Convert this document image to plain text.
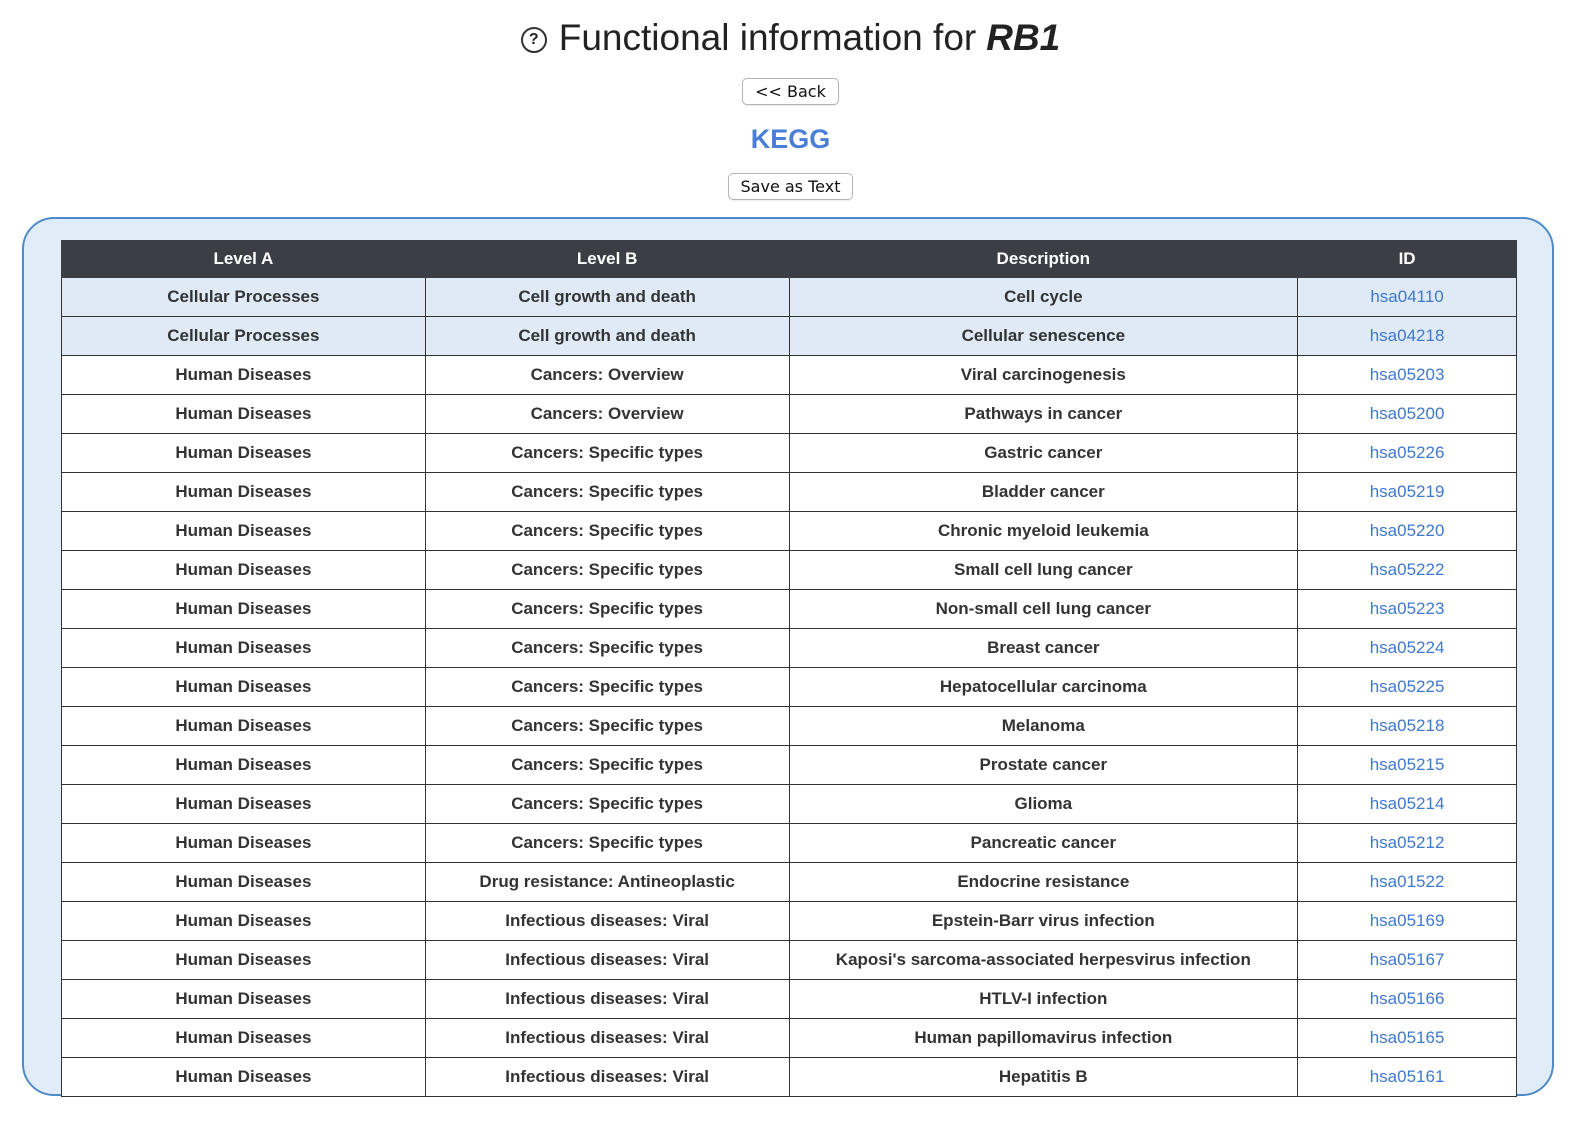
? Functional information for RB1
<< Back
KEGG
Save as Text
Level A	Level B	Description	ID
Cellular Processes	Cell growth and death	Cell cycle	hsa04110
Cellular Processes	Cell growth and death	Cellular senescence	hsa04218
Human Diseases	Cancers: Overview	Viral carcinogenesis	hsa05203
Human Diseases	Cancers: Overview	Pathways in cancer	hsa05200
Human Diseases	Cancers: Specific types	Gastric cancer	hsa05226
Human Diseases	Cancers: Specific types	Bladder cancer	hsa05219
Human Diseases	Cancers: Specific types	Chronic myeloid leukemia	hsa05220
Human Diseases	Cancers: Specific types	Small cell lung cancer	hsa05222
Human Diseases	Cancers: Specific types	Non-small cell lung cancer	hsa05223
Human Diseases	Cancers: Specific types	Breast cancer	hsa05224
Human Diseases	Cancers: Specific types	Hepatocellular carcinoma	hsa05225
Human Diseases	Cancers: Specific types	Melanoma	hsa05218
Human Diseases	Cancers: Specific types	Prostate cancer	hsa05215
Human Diseases	Cancers: Specific types	Glioma	hsa05214
Human Diseases	Cancers: Specific types	Pancreatic cancer	hsa05212
Human Diseases	Drug resistance: Antineoplastic	Endocrine resistance	hsa01522
Human Diseases	Infectious diseases: Viral	Epstein-Barr virus infection	hsa05169
Human Diseases	Infectious diseases: Viral	Kaposi's sarcoma-associated herpesvirus infection	hsa05167
Human Diseases	Infectious diseases: Viral	HTLV-I infection	hsa05166
Human Diseases	Infectious diseases: Viral	Human papillomavirus infection	hsa05165
Human Diseases	Infectious diseases: Viral	Hepatitis B	hsa05161
